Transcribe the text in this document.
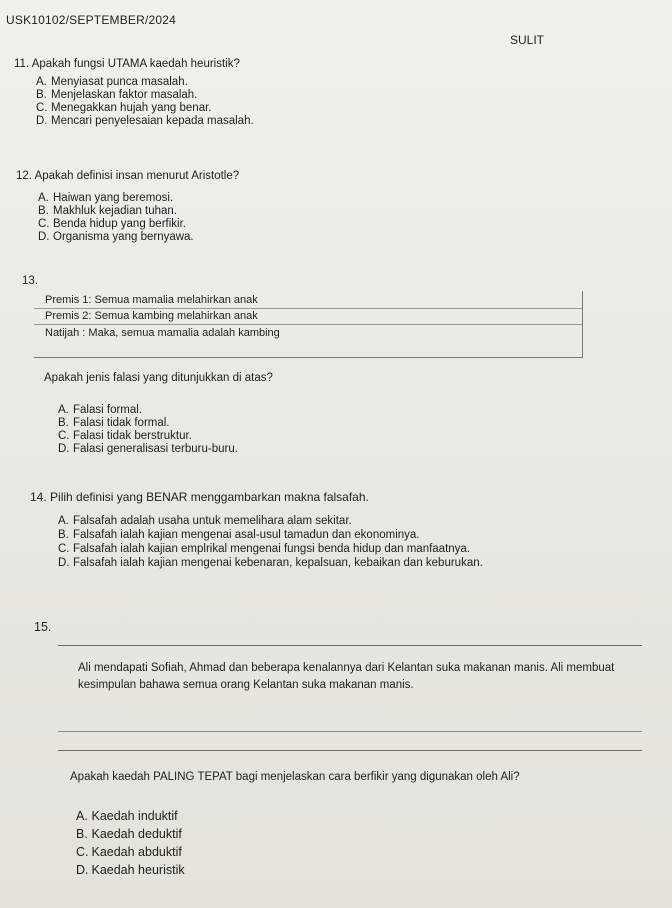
USK10102/SEPTEMBER/2024
SULIT
11. Apakah fungsi UTAMA kaedah heuristik?
A. Menyiasat punca masalah.
B. Menjelaskan faktor masalah.
C. Menegakkan hujah yang benar.
D. Mencari penyelesaian kepada masalah.
12. Apakah definisi insan menurut Aristotle?
A. Haiwan yang beremosi.
B. Makhluk kejadian tuhan.
C. Benda hidup yang berfikir.
D. Organisma yang bernyawa.
13.
Premis 1: Semua mamalia melahirkan anak
Premis 2: Semua kambing melahirkan anak
Natijah : Maka, semua mamalia adalah kambing
Apakah jenis falasi yang ditunjukkan di atas?
A. Falasi formal.
B. Falasi tidak formal.
C. Falasi tidak berstruktur.
D. Falasi generalisasi terburu-buru.
14. Pilih definisi yang BENAR menggambarkan makna falsafah.
A. Falsafah adalah usaha untuk memelihara alam sekitar.
B. Falsafah ialah kajian mengenai asal-usul tamadun dan ekonominya.
C. Falsafah ialah kajian emplrikal mengenai fungsi benda hidup dan manfaatnya.
D. Falsafah ialah kajian mengenai kebenaran, kepalsuan, kebaikan dan keburukan.
15.
Ali mendapati Sofiah, Ahmad dan beberapa kenalannya dari Kelantan suka makanan manis. Ali membuat kesimpulan bahawa semua orang Kelantan suka makanan manis.
Apakah kaedah PALING TEPAT bagi menjelaskan cara berfikir yang digunakan oleh Ali?
A. Kaedah induktif
B. Kaedah deduktif
C. Kaedah abduktif
D. Kaedah heuristik
